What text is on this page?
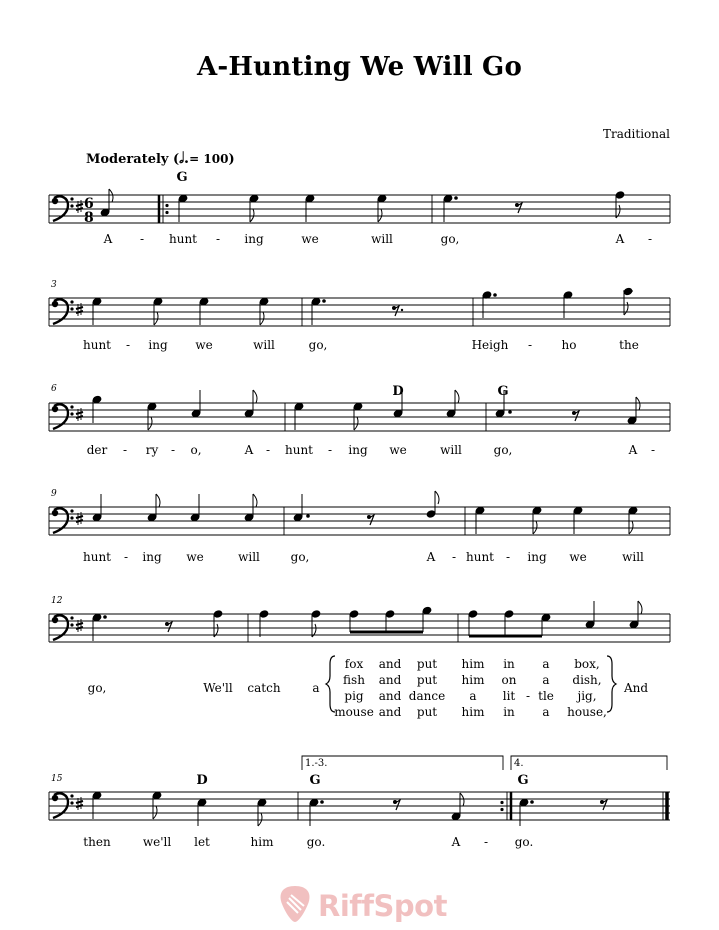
A-Hunting We Will Go
Traditional
Moderately (𝅗𝅥.= 100)
6
8
G
D	G
D	G	G
3
6
9
12
15
1.-3.	4.
A - hunt - ing	we	will	go,	A -
hunt - ing we	will	go,	Heigh - ho	the
der - ry - o,	A - hunt - ing we	will	go,	A -
hunt - ing we	will	go,	A - hunt - ing we	will
go,	We'll catch	a	And
fox and put him in a box,
fish and put him on a dish,
pig and dance a lit - tle jig,
mouse and put him in a house,
then	we'll let	him	go.	A - go.
RiffSpot
